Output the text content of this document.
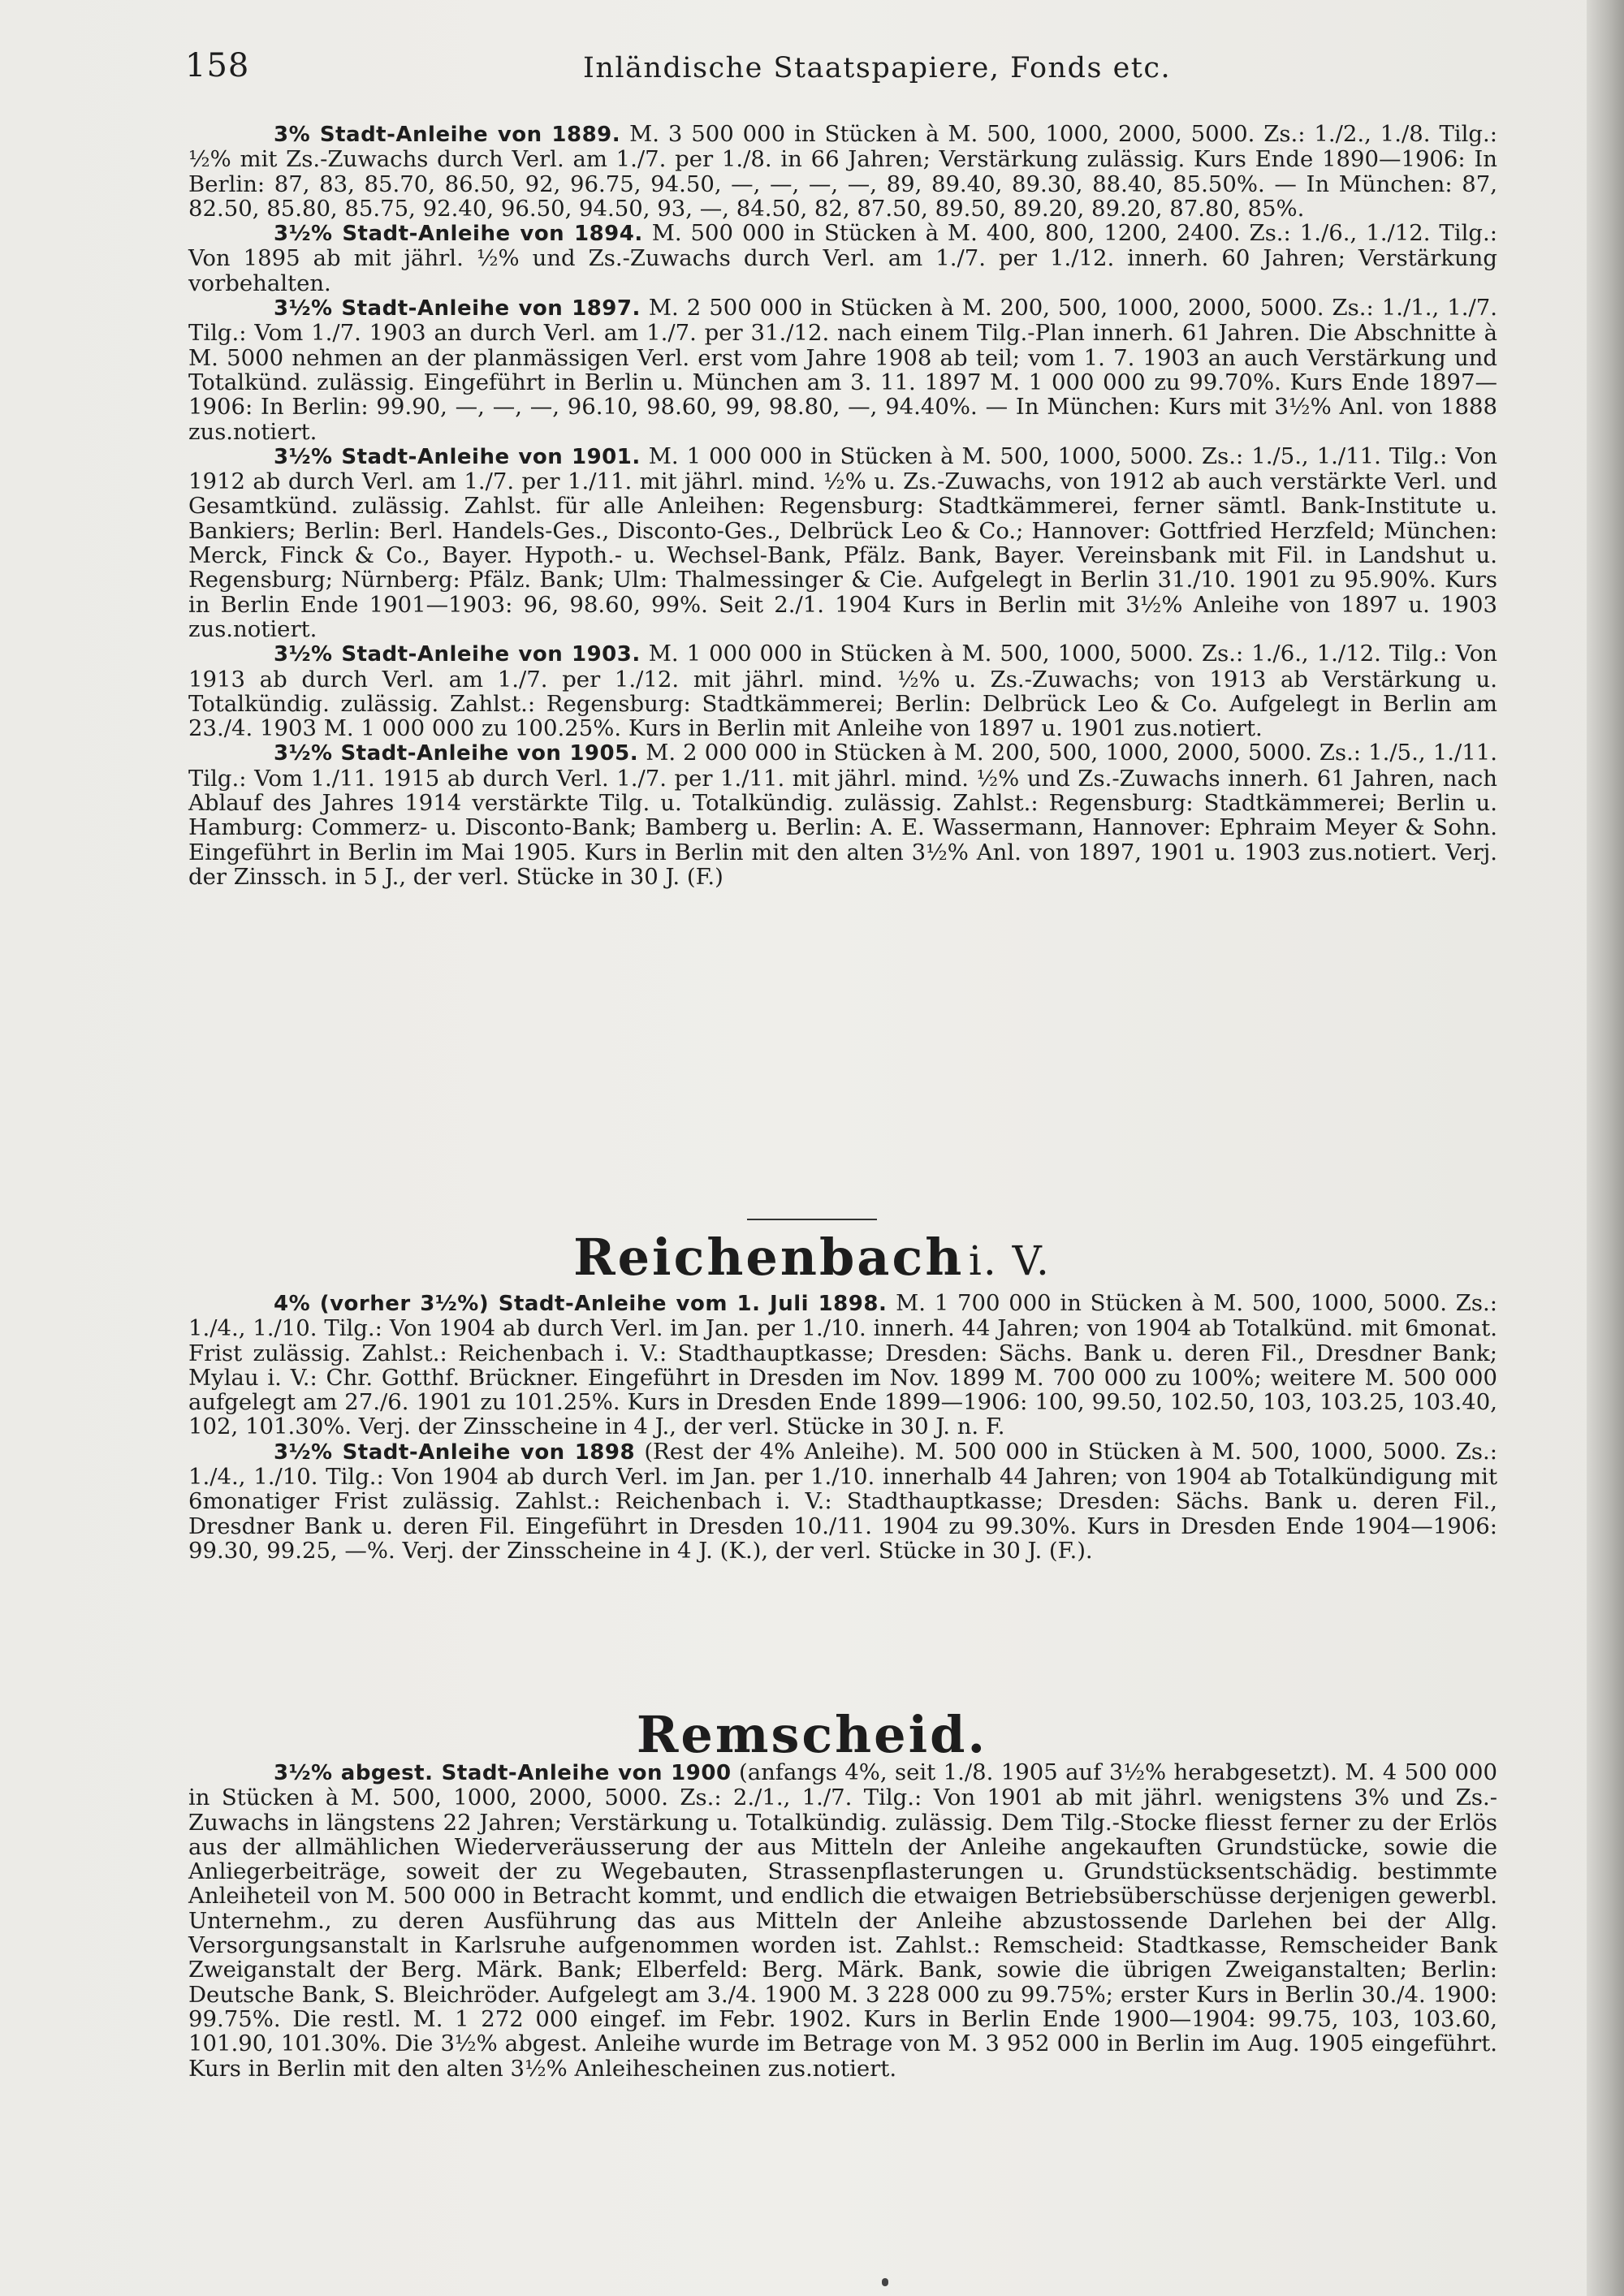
158	Inländische Staatspapiere, Fonds etc.

3% Stadt-Anleihe von 1889. M. 3 500 000 in Stücken à M. 500, 1000, 2000, 5000. Zs.: 1./2., 1./8. Tilg.: ½% mit Zs.-Zuwachs durch Verl. am 1./7. per 1./8. in 66 Jahren; Verstärkung zulässig. Kurs Ende 1890—1906: In Berlin: 87, 83, 85.70, 86.50, 92, 96.75, 94.50, —, —, —, —, 89, 89.40, 89.30, 88.40, 85.50%. — In München: 87, 82.50, 85.80, 85.75, 92.40, 96.50, 94.50, 93, —, 84.50, 82, 87.50, 89.50, 89.20, 89.20, 87.80, 85%.

3½% Stadt-Anleihe von 1894. M. 500 000 in Stücken à M. 400, 800, 1200, 2400. Zs.: 1./6., 1./12. Tilg.: Von 1895 ab mit jährl. ½% und Zs.-Zuwachs durch Verl. am 1./7. per 1./12. innerh. 60 Jahren; Verstärkung vorbehalten.

3½% Stadt-Anleihe von 1897. M. 2 500 000 in Stücken à M. 200, 500, 1000, 2000, 5000. Zs.: 1./1., 1./7. Tilg.: Vom 1./7. 1903 an durch Verl. am 1./7. per 31./12. nach einem Tilg.-Plan innerh. 61 Jahren. Die Abschnitte à M. 5000 nehmen an der planmässigen Verl. erst vom Jahre 1908 ab teil; vom 1. 7. 1903 an auch Verstärkung und Totalkünd. zulässig. Eingeführt in Berlin u. München am 3. 11. 1897 M. 1 000 000 zu 99.70%. Kurs Ende 1897—1906: In Berlin: 99.90, —, —, —, 96.10, 98.60, 99, 98.80, —, 94.40%. — In München: Kurs mit 3½% Anl. von 1888 zus.notiert.

3½% Stadt-Anleihe von 1901. M. 1 000 000 in Stücken à M. 500, 1000, 5000. Zs.: 1./5., 1./11. Tilg.: Von 1912 ab durch Verl. am 1./7. per 1./11. mit jährl. mind. ½% u. Zs.-Zuwachs, von 1912 ab auch verstärkte Verl. und Gesamtkünd. zulässig. Zahlst. für alle Anleihen: Regensburg: Stadtkämmerei, ferner sämtl. Bank-Institute u. Bankiers; Berlin: Berl. Handels-Ges., Disconto-Ges., Delbrück Leo & Co.; Hannover: Gottfried Herzfeld; München: Merck, Finck & Co., Bayer. Hypoth.- u. Wechsel-Bank, Pfälz. Bank, Bayer. Vereinsbank mit Fil. in Landshut u. Regensburg; Nürnberg: Pfälz. Bank; Ulm: Thalmessinger & Cie. Aufgelegt in Berlin 31./10. 1901 zu 95.90%. Kurs in Berlin Ende 1901—1903: 96, 98.60, 99%. Seit 2./1. 1904 Kurs in Berlin mit 3½% Anleihe von 1897 u. 1903 zus.notiert.

3½% Stadt-Anleihe von 1903. M. 1 000 000 in Stücken à M. 500, 1000, 5000. Zs.: 1./6., 1./12. Tilg.: Von 1913 ab durch Verl. am 1./7. per 1./12. mit jährl. mind. ½% u. Zs.-Zuwachs; von 1913 ab Verstärkung u. Totalkündig. zulässig. Zahlst.: Regensburg: Stadtkämmerei; Berlin: Delbrück Leo & Co. Aufgelegt in Berlin am 23./4. 1903 M. 1 000 000 zu 100.25%. Kurs in Berlin mit Anleihe von 1897 u. 1901 zus.notiert.

3½% Stadt-Anleihe von 1905. M. 2 000 000 in Stücken à M. 200, 500, 1000, 2000, 5000. Zs.: 1./5., 1./11. Tilg.: Vom 1./11. 1915 ab durch Verl. 1./7. per 1./11. mit jährl. mind. ½% und Zs.-Zuwachs innerh. 61 Jahren, nach Ablauf des Jahres 1914 verstärkte Tilg. u. Totalkündig. zulässig. Zahlst.: Regensburg: Stadtkämmerei; Berlin u. Hamburg: Commerz- u. Disconto-Bank; Bamberg u. Berlin: A. E. Wassermann, Hannover: Ephraim Meyer & Sohn. Eingeführt in Berlin im Mai 1905. Kurs in Berlin mit den alten 3½% Anl. von 1897, 1901 u. 1903 zus.notiert. Verj. der Zinssch. in 5 J., der verl. Stücke in 30 J. (F.)

Reichenbach i. V.

4% (vorher 3½%) Stadt-Anleihe vom 1. Juli 1898. M. 1 700 000 in Stücken à M. 500, 1000, 5000. Zs.: 1./4., 1./10. Tilg.: Von 1904 ab durch Verl. im Jan. per 1./10. innerh. 44 Jahren; von 1904 ab Totalkünd. mit 6monat. Frist zulässig. Zahlst.: Reichenbach i. V.: Stadthauptkasse; Dresden: Sächs. Bank u. deren Fil., Dresdner Bank; Mylau i. V.: Chr. Gotthf. Brückner. Eingeführt in Dresden im Nov. 1899 M. 700 000 zu 100%; weitere M. 500 000 aufgelegt am 27./6. 1901 zu 101.25%. Kurs in Dresden Ende 1899—1906: 100, 99.50, 102.50, 103, 103.25, 103.40, 102, 101.30%. Verj. der Zinsscheine in 4 J., der verl. Stücke in 30 J. n. F.

3½% Stadt-Anleihe von 1898 (Rest der 4% Anleihe). M. 500 000 in Stücken à M. 500, 1000, 5000. Zs.: 1./4., 1./10. Tilg.: Von 1904 ab durch Verl. im Jan. per 1./10. innerhalb 44 Jahren; von 1904 ab Totalkündigung mit 6monatiger Frist zulässig. Zahlst.: Reichenbach i. V.: Stadthauptkasse; Dresden: Sächs. Bank u. deren Fil., Dresdner Bank u. deren Fil. Eingeführt in Dresden 10./11. 1904 zu 99.30%. Kurs in Dresden Ende 1904—1906: 99.30, 99.25, —%. Verj. der Zinsscheine in 4 J. (K.), der verl. Stücke in 30 J. (F.).

Remscheid.

3½% abgest. Stadt-Anleihe von 1900 (anfangs 4%, seit 1./8. 1905 auf 3½% herabgesetzt). M. 4 500 000 in Stücken à M. 500, 1000, 2000, 5000. Zs.: 2./1., 1./7. Tilg.: Von 1901 ab mit jährl. wenigstens 3% und Zs.-Zuwachs in längstens 22 Jahren; Verstärkung u. Totalkündig. zulässig. Dem Tilg.-Stocke fliesst ferner zu der Erlös aus der allmählichen Wiederveräusserung der aus Mitteln der Anleihe angekauften Grundstücke, sowie die Anliegerbeiträge, soweit der zu Wegebauten, Strassenpflasterungen u. Grundstücksentschädig. bestimmte Anleiheteil von M. 500 000 in Betracht kommt, und endlich die etwaigen Betriebsüberschüsse derjenigen gewerbl. Unternehm., zu deren Ausführung das aus Mitteln der Anleihe abzustossende Darlehen bei der Allg. Versorgungsanstalt in Karlsruhe aufgenommen worden ist. Zahlst.: Remscheid: Stadtkasse, Remscheider Bank Zweiganstalt der Berg. Märk. Bank; Elberfeld: Berg. Märk. Bank, sowie die übrigen Zweiganstalten; Berlin: Deutsche Bank, S. Bleichröder. Aufgelegt am 3./4. 1900 M. 3 228 000 zu 99.75%; erster Kurs in Berlin 30./4. 1900: 99.75%. Die restl. M. 1 272 000 eingef. im Febr. 1902. Kurs in Berlin Ende 1900—1904: 99.75, 103, 103.60, 101.90, 101.30%. Die 3½% abgest. Anleihe wurde im Betrage von M. 3 952 000 in Berlin im Aug. 1905 eingeführt. Kurs in Berlin mit den alten 3½% Anleihescheinen zus.notiert.
